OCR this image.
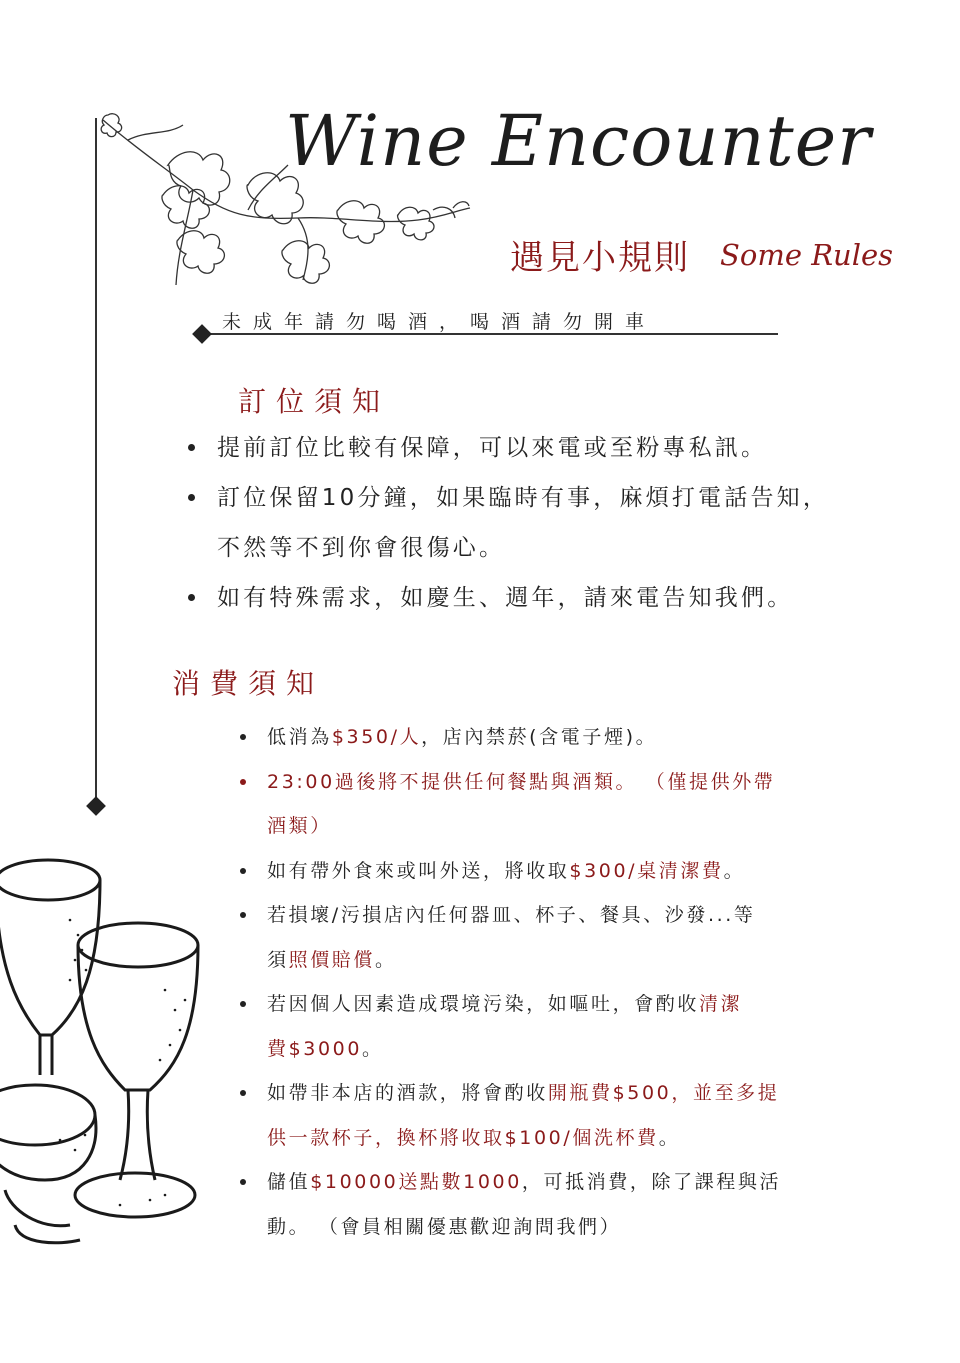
Wine Encounter
遇見小規則 Some Rules
未成年請勿喝酒，喝酒請勿開車
訂位須知
提前訂位比較有保障，可以來電或至粉專私訊。
訂位保留10分鐘，如果臨時有事，麻煩打電話告知，
不然等不到你會很傷心。
如有特殊需求，如慶生、週年，請來電告知我們。
消費須知
低消為$350/人，店內禁菸(含電子煙)。
23:00過後將不提供任何餐點與酒類。 （僅提供外帶
酒類）
如有帶外食來或叫外送，將收取$300/桌清潔費。
若損壞/污損店內任何器皿、杯子、餐具、沙發...等
須照價賠償。
若因個人因素造成環境污染，如嘔吐，會酌收清潔
費$3000。
如帶非本店的酒款，將會酌收開瓶費$500，並至多提
供一款杯子，換杯將收取$100/個洗杯費。
儲值$10000送點數1000，可抵消費，除了課程與活
動。 （會員相關優惠歡迎詢問我們）
